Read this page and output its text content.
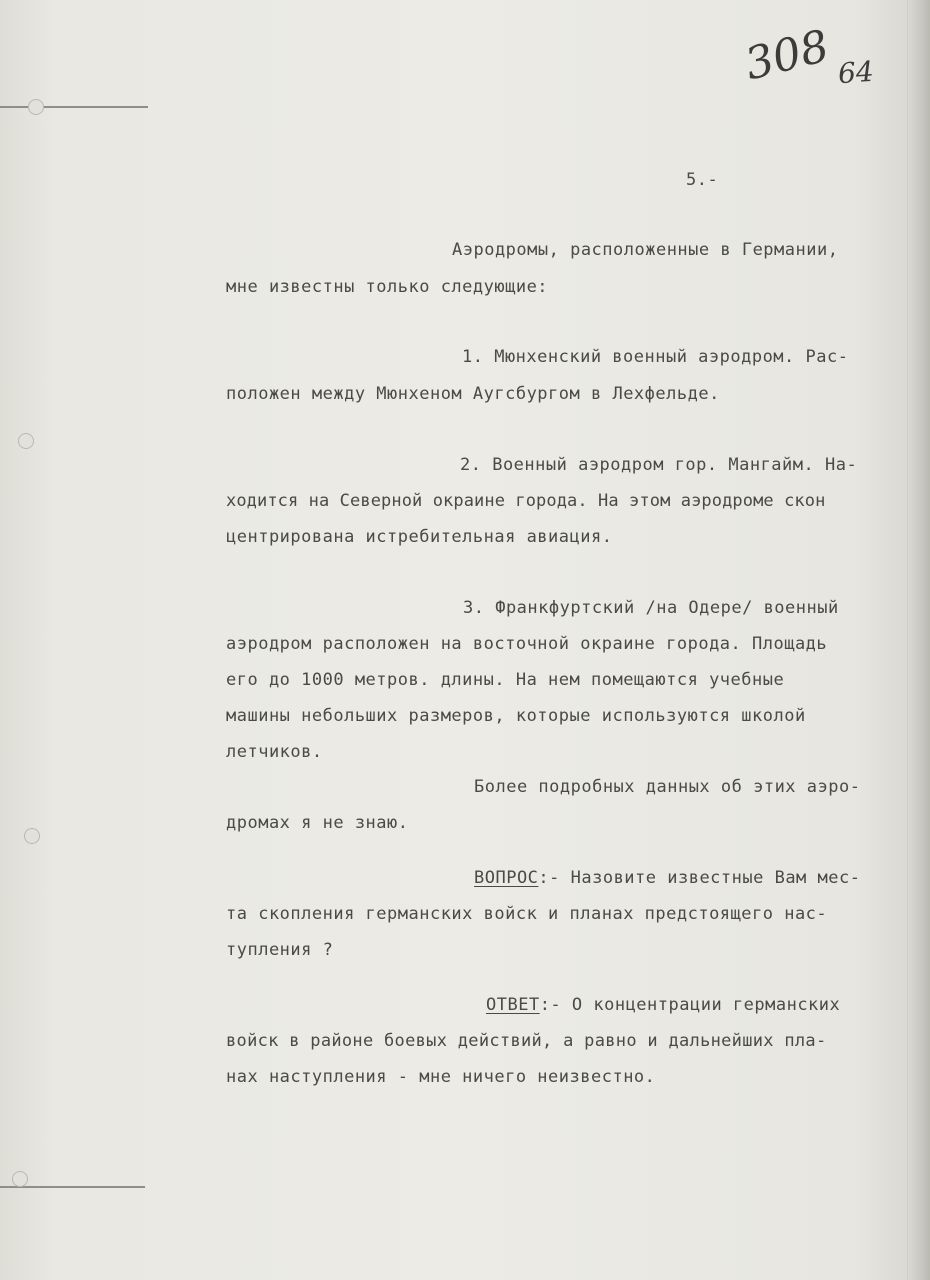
308 64
5.-
Аэродромы, расположенные в Германии,
мне известны только следующие:
1. Мюнхенский военный аэродром. Рас-
положен между Мюнхеном Аугсбургом в Лехфельде.
2. Военный аэродром гор. Мангайм. На-
ходится на Северной окраине города. На этом аэродроме скон
центрирована истребительная авиация.
3. Франкфуртский /на Одере/ военный
аэродром расположен на восточной окраине города. Площадь
его до 1000 метров. длины. На нем помещаются учебные
машины небольших размеров, которые используются школой
летчиков.
Более подробных данных об этих аэро-
дромах я не знаю.
ВОПРОС:- Назовите известные Вам мес-
та скопления германских войск и планах предстоящего нас-
тупления ?
ОТВЕТ:- О концентрации германских
войск в районе боевых действий, а равно и дальнейших пла-
нах наступления - мне ничего неизвестно.
